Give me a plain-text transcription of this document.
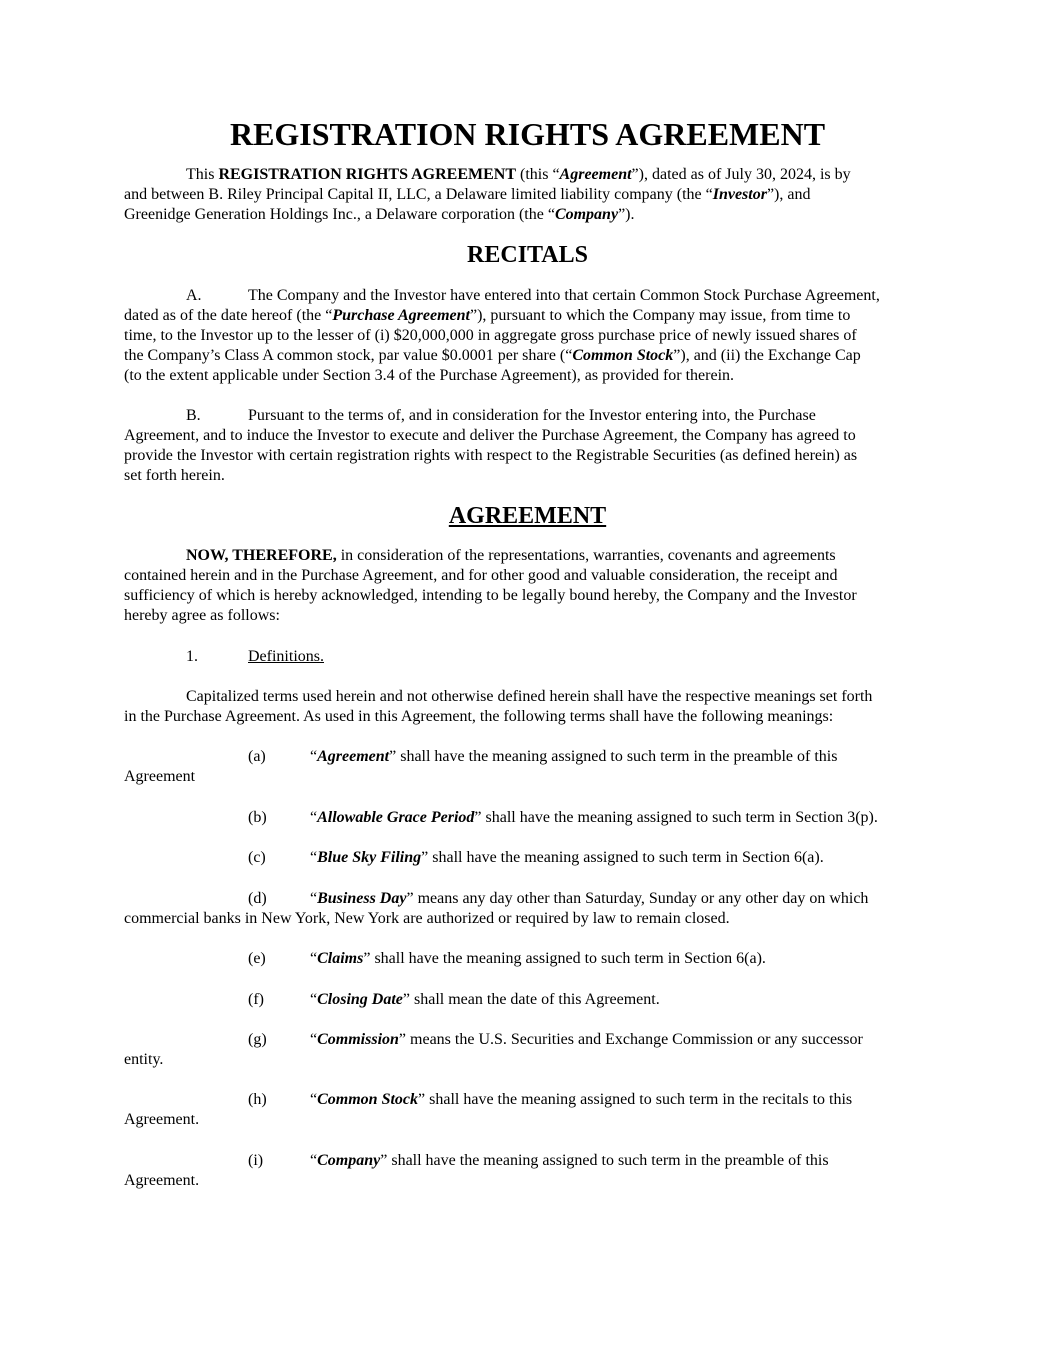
REGISTRATION RIGHTS AGREEMENT
This REGISTRATION RIGHTS AGREEMENT (this “Agreement”), dated as of July 30, 2024, is by
and between B. Riley Principal Capital II, LLC, a Delaware limited liability company (the “Investor”), and
Greenidge Generation Holdings Inc., a Delaware corporation (the “Company”).
RECITALS
A.	The Company and the Investor have entered into that certain Common Stock Purchase Agreement,
dated as of the date hereof (the “Purchase Agreement”), pursuant to which the Company may issue, from time to
time, to the Investor up to the lesser of (i) $20,000,000 in aggregate gross purchase price of newly issued shares of
the Company’s Class A common stock, par value $0.0001 per share (“Common Stock”), and (ii) the Exchange Cap
(to the extent applicable under Section 3.4 of the Purchase Agreement), as provided for therein.
B.	Pursuant to the terms of, and in consideration for the Investor entering into, the Purchase
Agreement, and to induce the Investor to execute and deliver the Purchase Agreement, the Company has agreed to
provide the Investor with certain registration rights with respect to the Registrable Securities (as defined herein) as
set forth herein.
AGREEMENT
NOW, THEREFORE, in consideration of the representations, warranties, covenants and agreements
contained herein and in the Purchase Agreement, and for other good and valuable consideration, the receipt and
sufficiency of which is hereby acknowledged, intending to be legally bound hereby, the Company and the Investor
hereby agree as follows:
1.	Definitions.
Capitalized terms used herein and not otherwise defined herein shall have the respective meanings set forth
in the Purchase Agreement. As used in this Agreement, the following terms shall have the following meanings:
(a)	“Agreement” shall have the meaning assigned to such term in the preamble of this
Agreement
(b)	“Allowable Grace Period” shall have the meaning assigned to such term in Section 3(p).
(c)	“Blue Sky Filing” shall have the meaning assigned to such term in Section 6(a).
(d)	“Business Day” means any day other than Saturday, Sunday or any other day on which
commercial banks in New York, New York are authorized or required by law to remain closed.
(e)	“Claims” shall have the meaning assigned to such term in Section 6(a).
(f)	“Closing Date” shall mean the date of this Agreement.
(g)	“Commission” means the U.S. Securities and Exchange Commission or any successor
entity.
(h)	“Common Stock” shall have the meaning assigned to such term in the recitals to this
Agreement.
(i)	“Company” shall have the meaning assigned to such term in the preamble of this
Agreement.
